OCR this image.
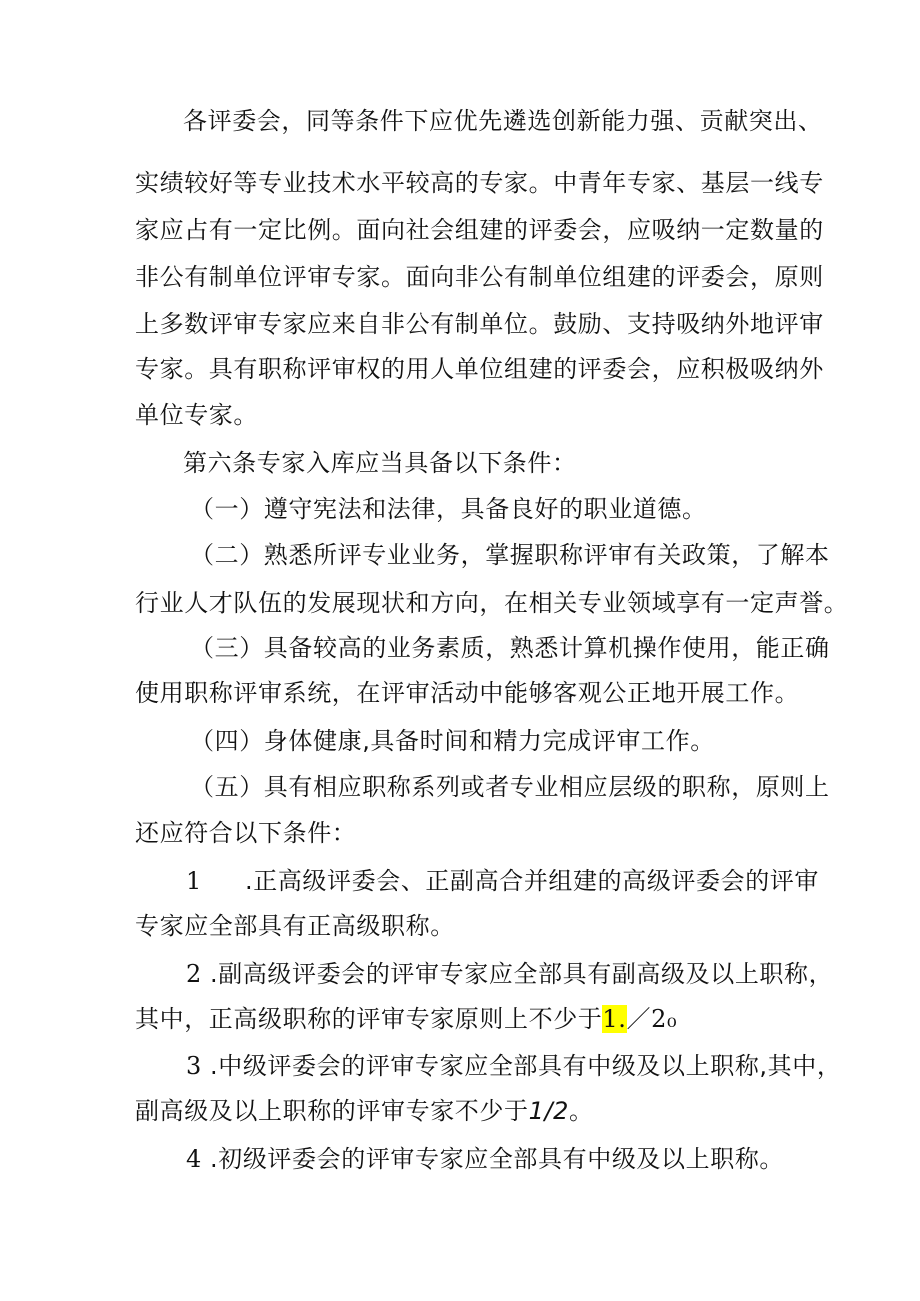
各评委会，同等条件下应优先遴选创新能力强、贡献突出、
实绩较好等专业技术水平较高的专家。中青年专家、基层一线专
家应占有一定比例。面向社会组建的评委会，应吸纳一定数量的
非公有制单位评审专家。面向非公有制单位组建的评委会，原则
上多数评审专家应来自非公有制单位。鼓励、支持吸纳外地评审
专家。具有职称评审权的用人单位组建的评委会，应积极吸纳外
单位专家。
第六条专家入库应当具备以下条件：
（一）遵守宪法和法律，具备良好的职业道德。
（二）熟悉所评专业业务，掌握职称评审有关政策，了解本
行业人才队伍的发展现状和方向，在相关专业领域享有一定声誉。
（三）具备较高的业务素质，熟悉计算机操作使用，能正确
使用职称评审系统，在评审活动中能够客观公正地开展工作。
（四）身体健康,具备时间和精力完成评审工作。
（五）具有相应职称系列或者专业相应层级的职称，原则上
还应符合以下条件：
1 .正高级评委会、正副高合并组建的高级评委会的评审
专家应全部具有正高级职称。
2 .副高级评委会的评审专家应全部具有副高级及以上职称，
其中，正高级职称的评审专家原则上不少于1.／2₀
3 .中级评委会的评审专家应全部具有中级及以上职称,其中，
副高级及以上职称的评审专家不少于1/2。
4 .初级评委会的评审专家应全部具有中级及以上职称。
